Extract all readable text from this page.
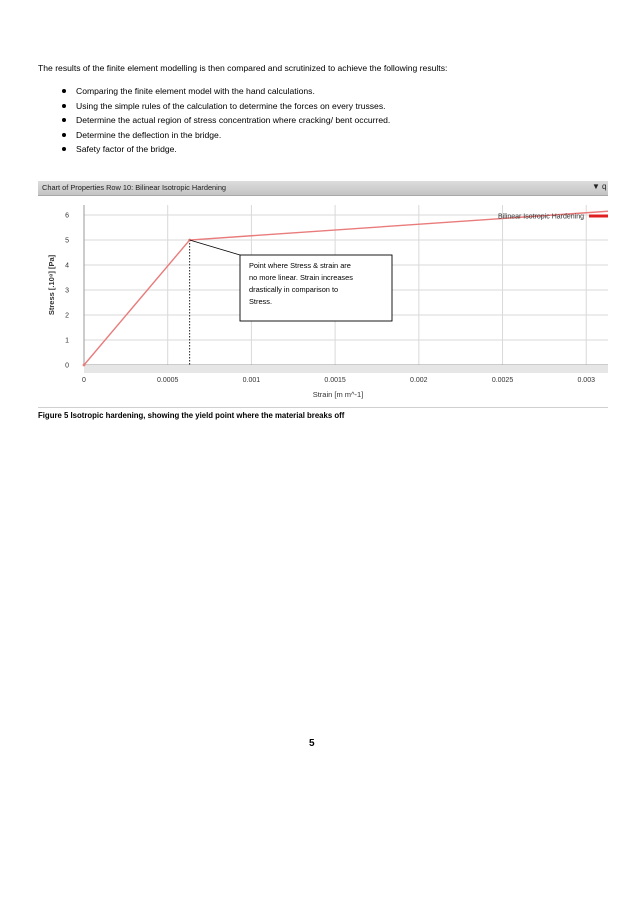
The results of the finite element modelling is then compared and scrutinized to achieve the following results:

Comparing the finite element model with the hand calculations.
Using the simple rules of the calculation to determine the forces on every trusses.
Determine the actual region of stress concentration where cracking/ bent occurred.
Determine the deflection in the bridge.
Safety factor of the bridge.
Chart of Properties Row 10: Bilinear Isotropic Hardening	▼ q
0	0.0005	0.001	0.0015	0.002	0.0025	0.003
0
1
2
3
4
5
6
Strain [m m^-1]
Stress [.10⁸] [Pa]
Bilinear Isotropic Hardening
Point where Stress & strain are
no more linear. Strain increases
drastically in comparison to
Stress.

Figure 5 Isotropic hardening, showing the yield point where the material breaks off

5
